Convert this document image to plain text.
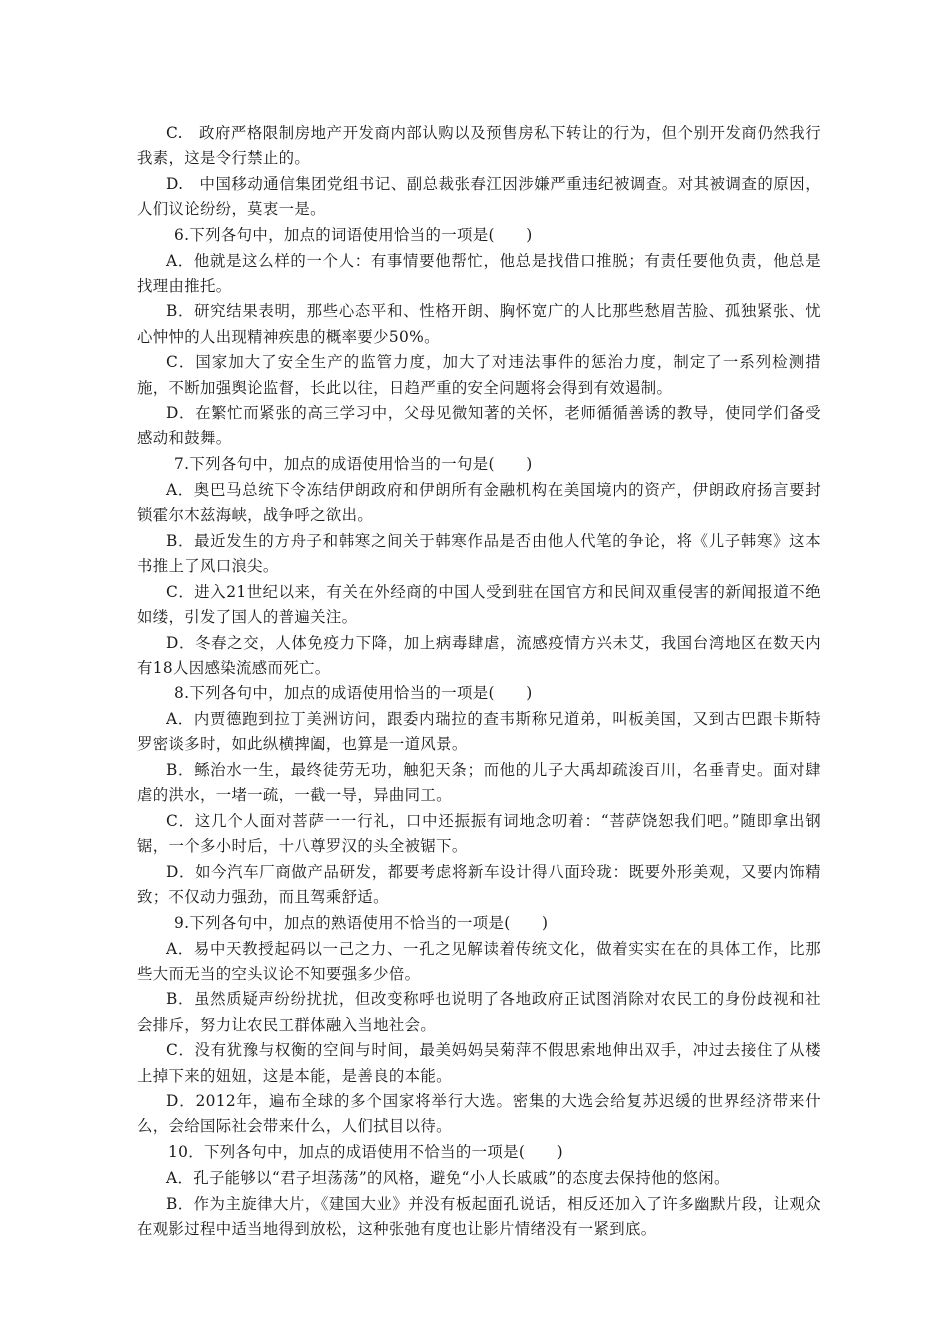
C.　政府严格限制房地产开发商内部认购以及预售房私下转让的行为，但个别开发商仍然我行我素，这是令行禁止的。

D.　中国移动通信集团党组书记、副总裁张春江因涉嫌严重违纪被调查。对其被调查的原因，人们议论纷纷，莫衷一是。

6.下列各句中，加点的词语使用恰当的一项是(　　)

A．他就是这么样的一个人：有事情要他帮忙，他总是找借口推脱；有责任要他负责，他总是找理由推托。

B．研究结果表明，那些心态平和、性格开朗、胸怀宽广的人比那些愁眉苦脸、孤独紧张、忧心忡忡的人出现精神疾患的概率要少50%。

C．国家加大了安全生产的监管力度，加大了对违法事件的惩治力度，制定了一系列检测措施，不断加强舆论监督，长此以往，日趋严重的安全问题将会得到有效遏制。

D．在繁忙而紧张的高三学习中，父母见微知著的关怀，老师循循善诱的教导，使同学们备受感动和鼓舞。

7.下列各句中，加点的成语使用恰当的一句是(　　)

A．奥巴马总统下令冻结伊朗政府和伊朗所有金融机构在美国境内的资产，伊朗政府扬言要封锁霍尔木兹海峡，战争呼之欲出。

B．最近发生的方舟子和韩寒之间关于韩寒作品是否由他人代笔的争论，将《儿子韩寒》这本书推上了风口浪尖。

C．进入21世纪以来，有关在外经商的中国人受到驻在国官方和民间双重侵害的新闻报道不绝如缕，引发了国人的普遍关注。

D．冬春之交，人体免疫力下降，加上病毒肆虐，流感疫情方兴未艾，我国台湾地区在数天内有18人因感染流感而死亡。

8.下列各句中，加点的成语使用恰当的一项是(　　)

A．内贾德跑到拉丁美洲访问，跟委内瑞拉的查韦斯称兄道弟，叫板美国，又到古巴跟卡斯特罗密谈多时，如此纵横捭阖，也算是一道风景。

B．鲧治水一生，最终徒劳无功，触犯天条；而他的儿子大禹却疏浚百川，名垂青史。面对肆虐的洪水，一堵一疏，一截一导，异曲同工。

C．这几个人面对菩萨一一行礼，口中还振振有词地念叨着：“菩萨饶恕我们吧。”随即拿出钢锯，一个多小时后，十八尊罗汉的头全被锯下。

D．如今汽车厂商做产品研发，都要考虑将新车设计得八面玲珑：既要外形美观，又要内饰精致；不仅动力强劲，而且驾乘舒适。

9.下列各句中，加点的熟语使用不恰当的一项是(　　)

A．易中天教授起码以一己之力、一孔之见解读着传统文化，做着实实在在的具体工作，比那些大而无当的空头议论不知要强多少倍。

B．虽然质疑声纷纷扰扰，但改变称呼也说明了各地政府正试图消除对农民工的身份歧视和社会排斥，努力让农民工群体融入当地社会。

C．没有犹豫与权衡的空间与时间，最美妈妈吴菊萍不假思索地伸出双手，冲过去接住了从楼上掉下来的妞妞，这是本能，是善良的本能。

D．2012年，遍布全球的多个国家将举行大选。密集的大选会给复苏迟缓的世界经济带来什么，会给国际社会带来什么，人们拭目以待。

10．下列各句中，加点的成语使用不恰当的一项是(　　)

A．孔子能够以“君子坦荡荡”的风格，避免“小人长戚戚”的态度去保持他的悠闲。

B．作为主旋律大片，《建国大业》并没有板起面孔说话，相反还加入了许多幽默片段，让观众在观影过程中适当地得到放松，这种张弛有度也让影片情绪没有一紧到底。
